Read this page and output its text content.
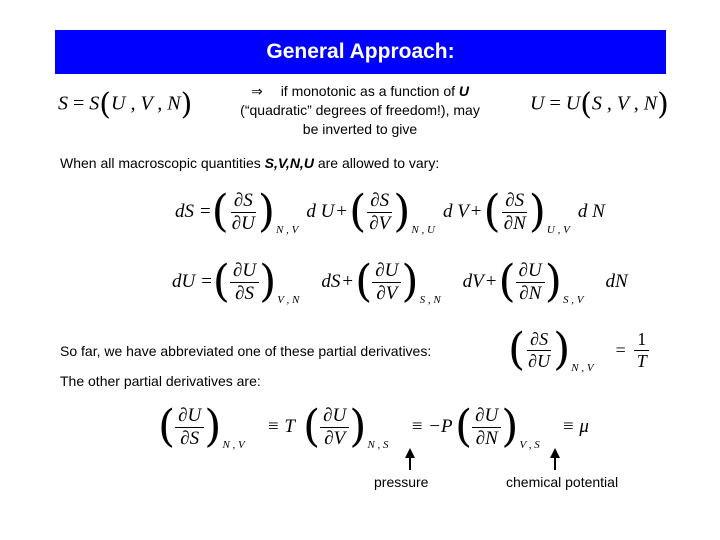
General Approach:
S = S(U , V , N)	⇒ if monotonic as a function of U
(“quadratic” degrees of freedom!), may
be inverted to give
U = U(S , V , N)
When all macroscopic quantities S,V,N,U are allowed to vary:
dS = ( $\frac{\partial S}{\partial U}$ ) N , V
d U + ( $\frac{\partial S}{\partial V}$ ) N , U
d V + ( $\frac{\partial S}{\partial N}$ ) U , V
d N
dU = ( $\frac{\partial U}{\partial S}$ ) V , N
dS + ( $\frac{\partial U}{\partial V}$ ) S , N
dV + ( $\frac{\partial U}{\partial N}$ ) S , V
dN
So far, we have abbreviated one of these partial derivatives: ( $\frac{\partial S}{\partial U}$ ) N , V
= $\frac{1}{T}$
The other partial derivatives are:
( $\frac{\partial U}{\partial S}$ ) N , V
≡ T ( $\frac{\partial U}{\partial V}$ ) N , S
≡ −P ( $\frac{\partial U}{\partial N}$ ) V , S
≡ μ
pressure	chemical potential
